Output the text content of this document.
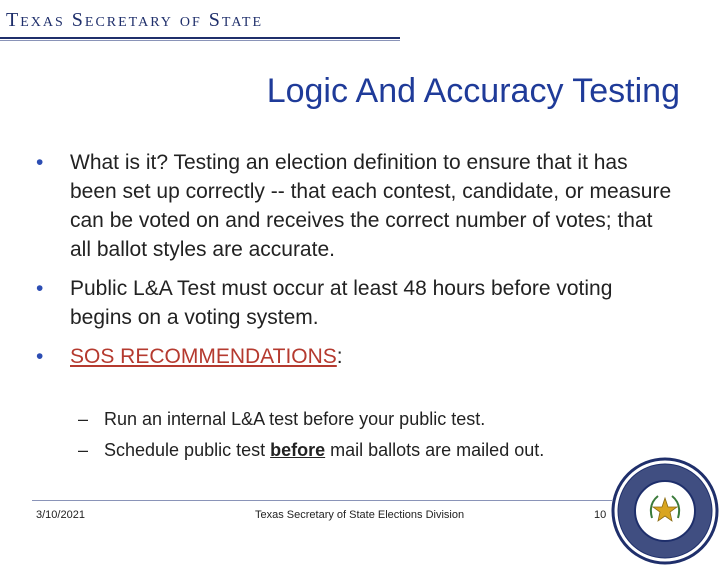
Texas Secretary of State
Logic And Accuracy Testing
• What is it? Testing an election definition to ensure that it has been set up correctly -- that each contest, candidate, or measure can be voted on and receives the correct number of votes; that all ballot styles are accurate.
• Public L&A Test must occur at least 48 hours before voting begins on a voting system.
• SOS RECOMMENDATIONS:
– Run an internal L&A test before your public test.
– Schedule public test before mail ballots are mailed out.
3/10/2021	Texas Secretary of State Elections Division	10
